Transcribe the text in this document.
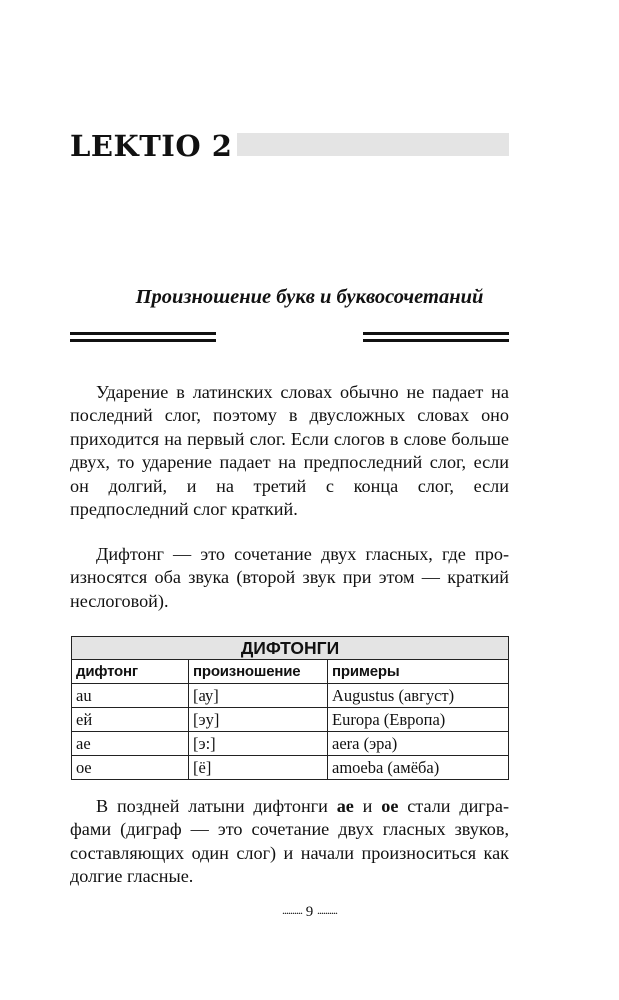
LEKTIO 2
Произношение букв и буквосочетаний

Ударение в латинских словах обычно не падает на последний слог, поэтому в двусложных словах оно приходится на первый слог. Если слогов в слове больше двух, то ударение падает на предпоследний слог, если он долгий, и на третий с конца слог, если предпоследний слог краткий.

Дифтонг — это сочетание двух гласных, где произносятся оба звука (второй звук при этом — краткий неслоговой).

ДИФТОНГИ		
дифтонг	произношение	примеры
au	[ау]	Augustus (август)
ей	[эу]	Europa (Европа)
ae	[э:]	aera (эра)
oe	[ё]	amoeba (амёба)

В поздней латыни дифтонги ae и oe стали диграфами (диграф — это сочетание двух гласных звуков, составляющих один слог) и начали произноситься как долгие гласные.

.......... 9 ..........
